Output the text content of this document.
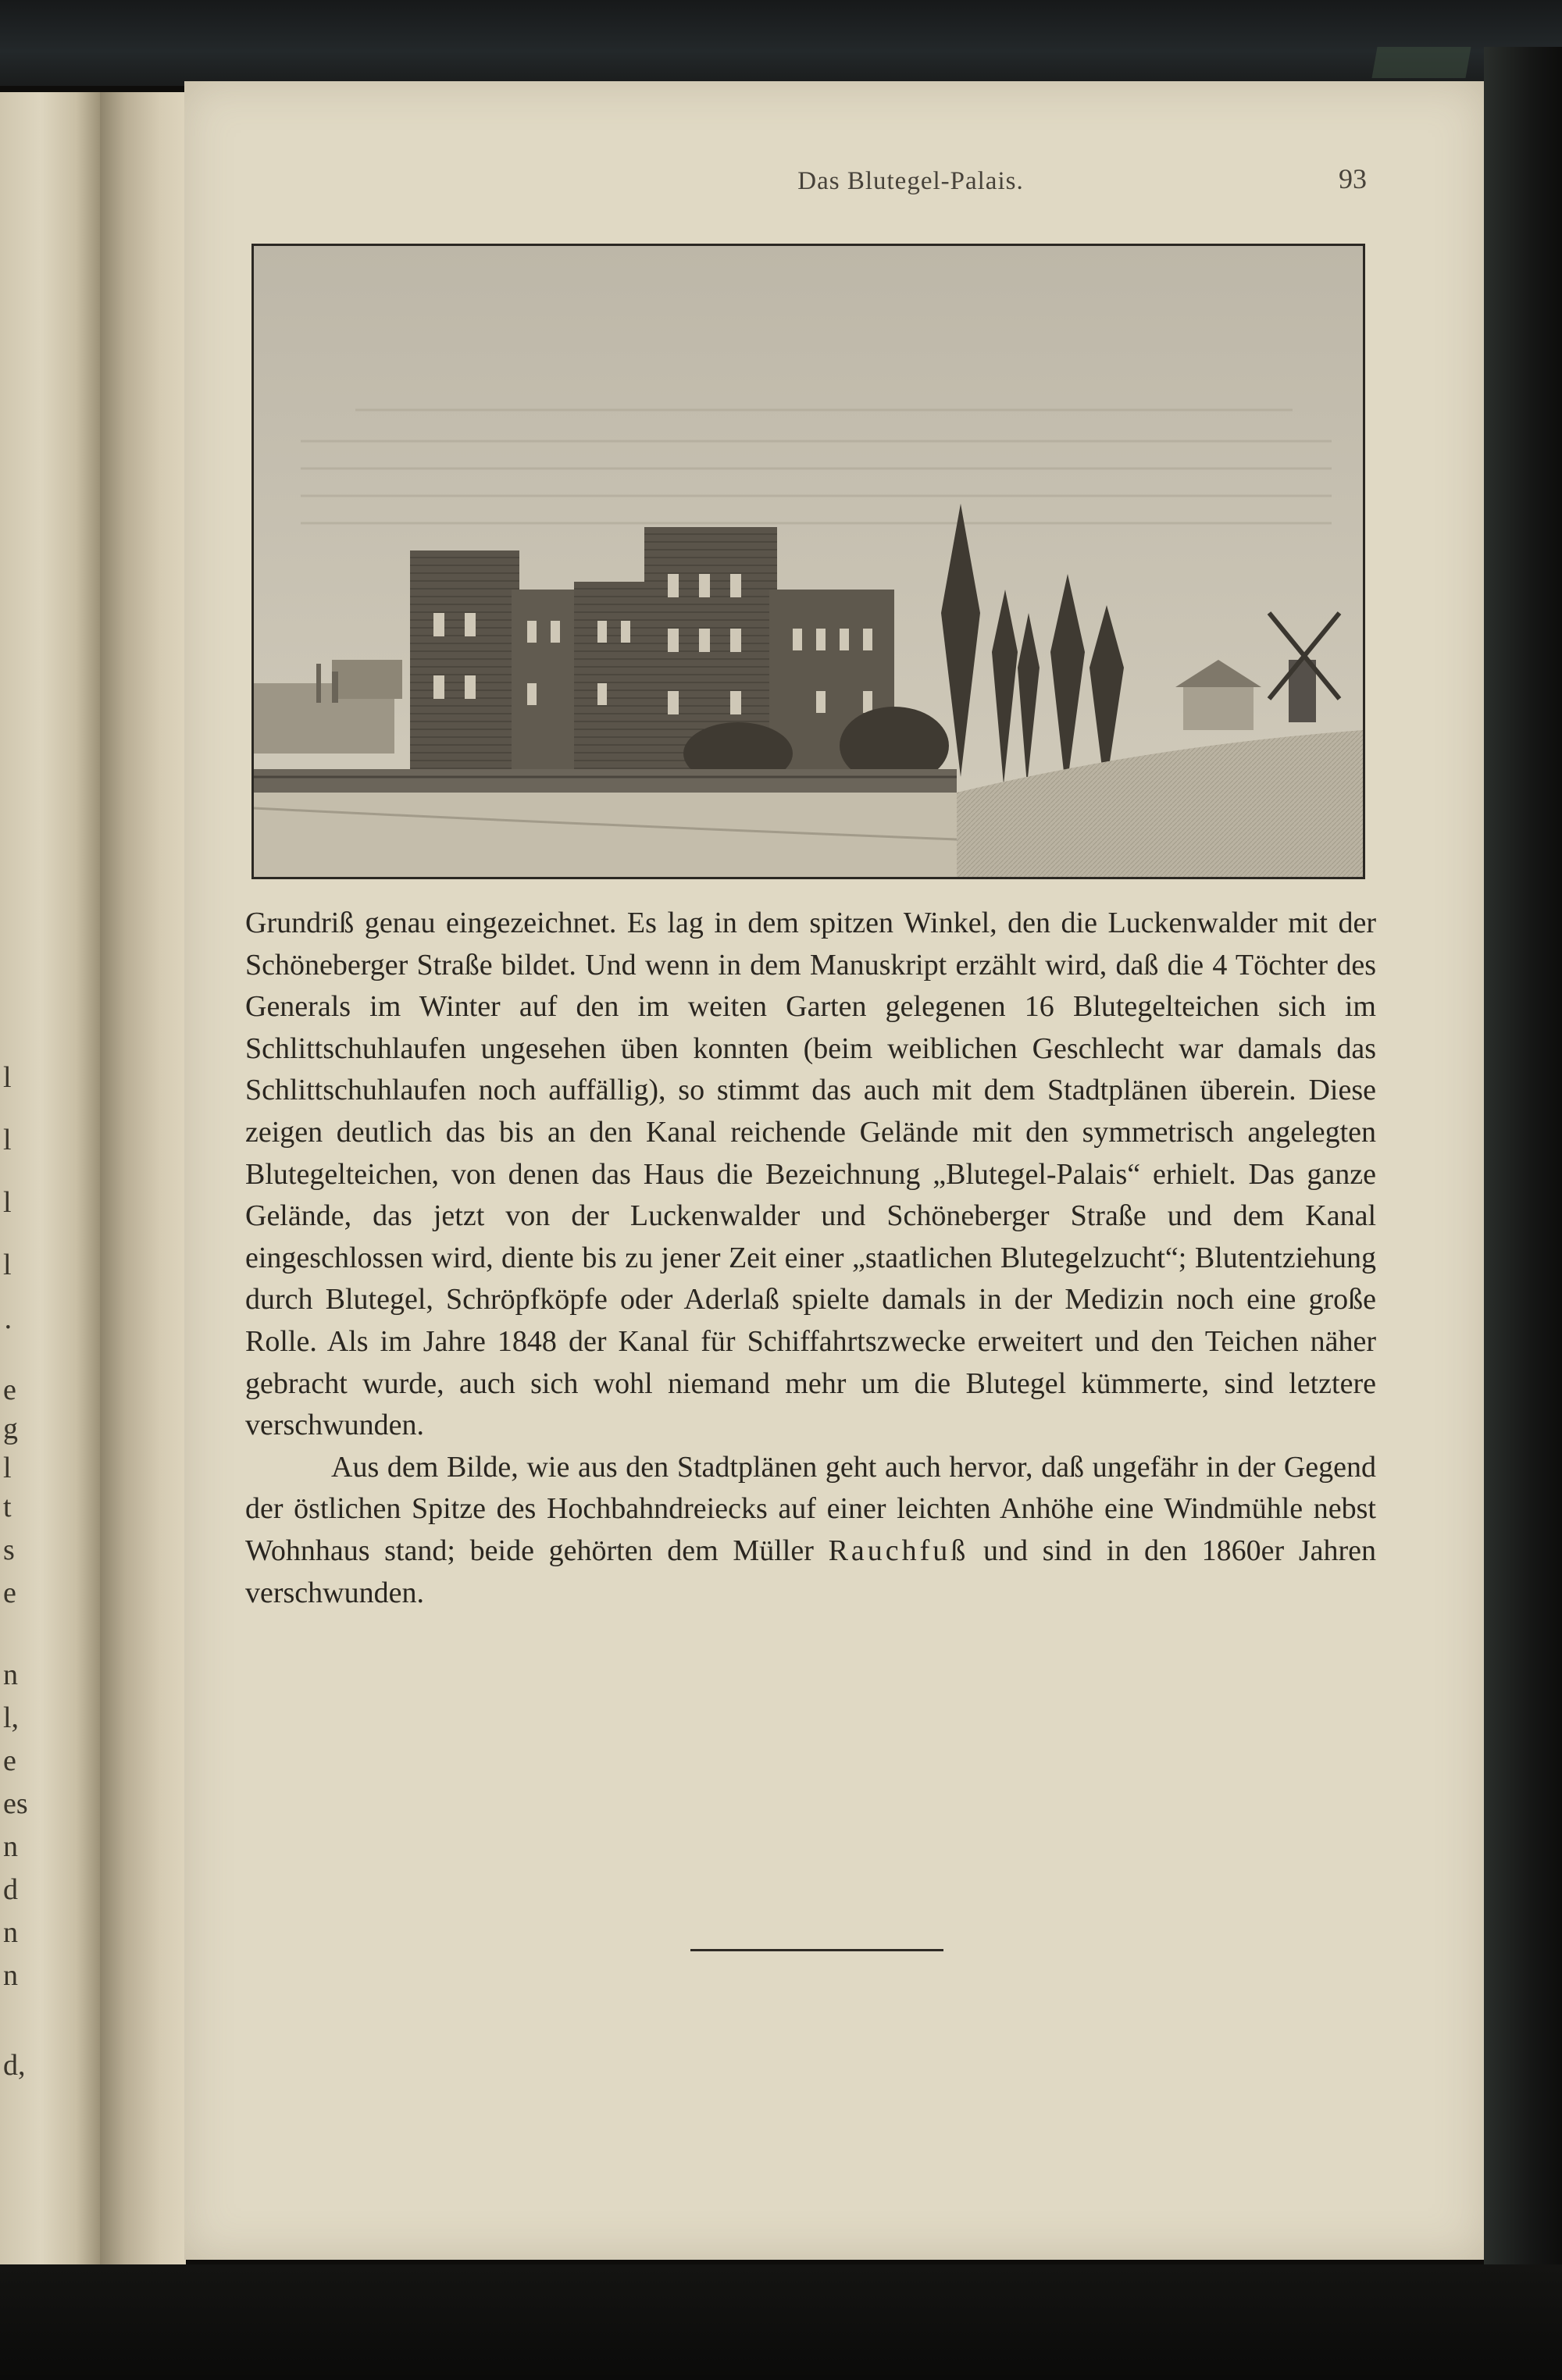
l
l
l
l
·
e
g
l
t
s
e
n
l,
e
es
n
d
n
n
d,
Das Blutegel-Palais.	93

Grundriß genau eingezeichnet. Es lag in dem spitzen Winkel, den die Luckenwalder mit der Schöneberger Straße bildet. Und wenn in dem Manuskript erzählt wird, daß die 4 Töchter des Generals im Winter auf den im weiten Garten gelegenen 16 Blutegelteichen sich im Schlittschuhlaufen ungesehen üben konnten (beim weiblichen Geschlecht war damals das Schlittschuhlaufen noch auffällig), so stimmt das auch mit dem Stadtplänen überein. Diese zeigen deutlich das bis an den Kanal reichende Gelände mit den symmetrisch angelegten Blutegelteichen, von denen das Haus die Bezeichnung „Blutegel-Palais“ erhielt. Das ganze Gelände, das jetzt von der Luckenwalder und Schöneberger Straße und dem Kanal eingeschlossen wird, diente bis zu jener Zeit einer „staatlichen Blutegelzucht“; Blutentziehung durch Blutegel, Schröpfköpfe oder Aderlaß spielte damals in der Medizin noch eine große Rolle. Als im Jahre 1848 der Kanal für Schiffahrtszwecke erweitert und den Teichen näher gebracht wurde, auch sich wohl niemand mehr um die Blutegel kümmerte, sind letztere verschwunden.

Aus dem Bilde, wie aus den Stadtplänen geht auch hervor, daß ungefähr in der Gegend der östlichen Spitze des Hochbahndreiecks auf einer leichten Anhöhe eine Windmühle nebst Wohnhaus stand; beide gehörten dem Müller Rauchfuß und sind in den 1860er Jahren verschwunden.
